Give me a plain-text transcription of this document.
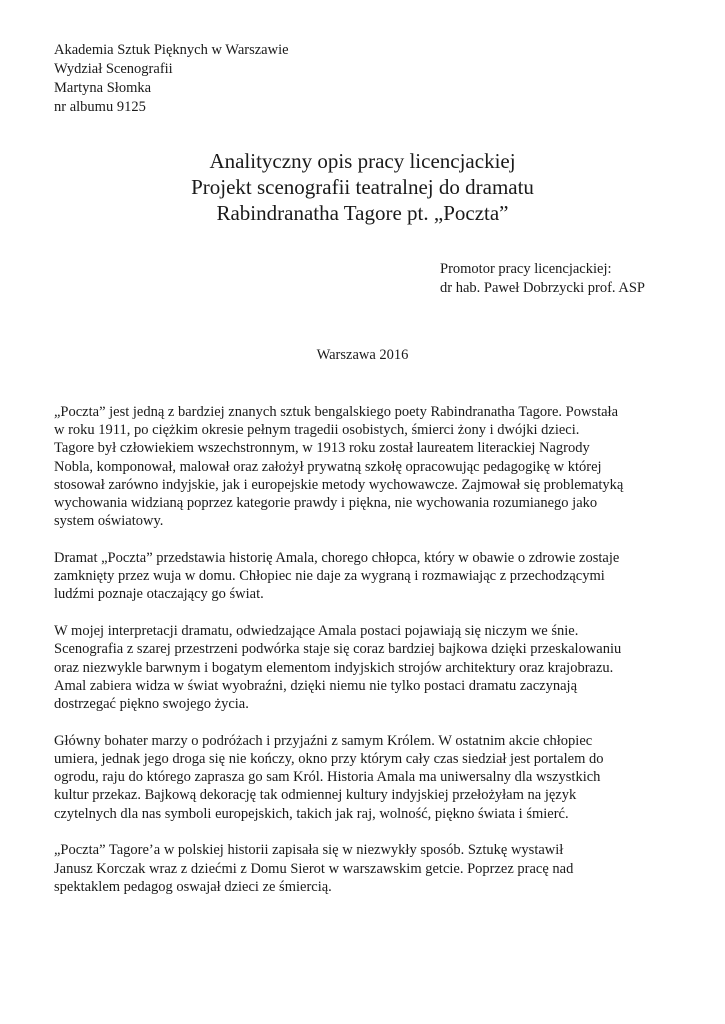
Akademia Sztuk Pięknych w Warszawie
Wydział Scenografii
Martyna Słomka
nr albumu 9125
Analityczny opis pracy licencjackiej
Projekt scenografii teatralnej do dramatu
Rabindranatha Tagore pt. „Poczta”
Promotor pracy licencjackiej:
dr hab. Paweł Dobrzycki prof. ASP
Warszawa 2016

„Poczta” jest jedną z bardziej znanych sztuk bengalskiego poety Rabindranatha Tagore. Powstała
w roku 1911, po ciężkim okresie pełnym tragedii osobistych, śmierci żony i dwójki dzieci.
Tagore był człowiekiem wszechstronnym, w 1913 roku został laureatem literackiej Nagrody
Nobla, komponował, malował oraz założył prywatną szkołę opracowując pedagogikę w której
stosował zarówno indyjskie, jak i europejskie metody wychowawcze. Zajmował się problematyką
wychowania widzianą poprzez kategorie prawdy i piękna, nie wychowania rozumianego jako
system oświatowy.

Dramat „Poczta” przedstawia historię Amala, chorego chłopca, który w obawie o zdrowie zostaje
zamknięty przez wuja w domu. Chłopiec nie daje za wygraną i rozmawiając z przechodzącymi
ludźmi poznaje otaczający go świat.

W mojej interpretacji dramatu, odwiedzające Amala postaci pojawiają się niczym we śnie.
Scenografia z szarej przestrzeni podwórka staje się coraz bardziej bajkowa dzięki przeskalowaniu
oraz niezwykle barwnym i bogatym elementom indyjskich strojów architektury oraz krajobrazu.
Amal zabiera widza w świat wyobraźni, dzięki niemu nie tylko postaci dramatu zaczynają
dostrzegać piękno swojego życia.

Główny bohater marzy o podróżach i przyjaźni z samym Królem. W ostatnim akcie chłopiec
umiera, jednak jego droga się nie kończy, okno przy którym cały czas siedział jest portalem do
ogrodu, raju do którego zaprasza go sam Król. Historia Amala ma uniwersalny dla wszystkich
kultur przekaz. Bajkową dekorację tak odmiennej kultury indyjskiej przełożyłam na język
czytelnych dla nas symboli europejskich, takich jak raj, wolność, piękno świata i śmierć.

„Poczta” Tagore’a w polskiej historii zapisała się w niezwykły sposób. Sztukę wystawił
Janusz Korczak wraz z dziećmi z Domu Sierot w warszawskim getcie. Poprzez pracę nad
spektaklem pedagog oswajał dzieci ze śmiercią.
